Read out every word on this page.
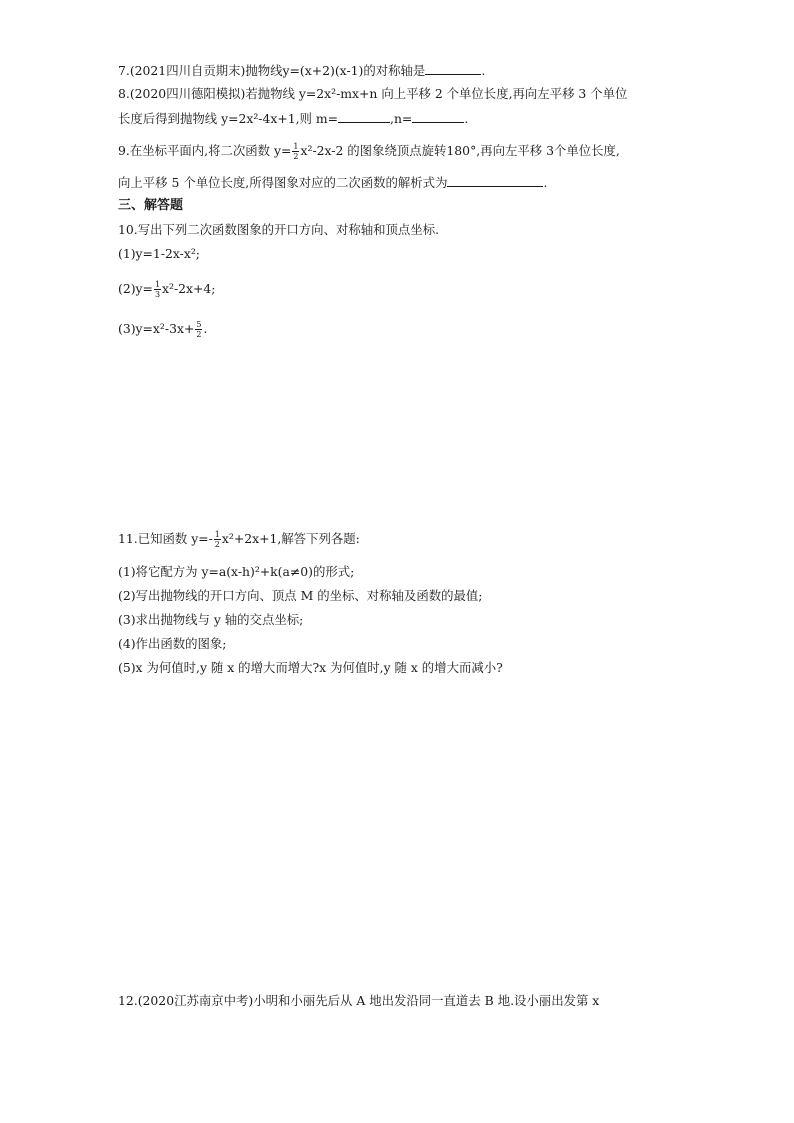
7.(2021四川自贡期末)抛物线y=(x+2)(x-1)的对称轴是	.
8.(2020四川德阳模拟)若抛物线 y=2x²-mx+n 向上平移 2 个单位长度,再向左平移 3 个单位
长度后得到抛物线 y=2x²-4x+1,则 m=	,n=	.
9.在坐标平面内,将二次函数 $y= \frac{1}{2} x^2-2x-2$ 的图象绕顶点旋转180°,再向左平移 3个单位长度,
向上平移 5 个单位长度,所得图象对应的二次函数的解析式为	.
三、解答题
10.写出下列二次函数图象的开口方向、对称轴和顶点坐标.
(1)y=1-2x-x²;
$(2)y= \frac{1}{3} x^2-2x+4$;
$(3)y=x^2-3x+ \frac{5}{2}$ .
11.已知函数 $y=- \frac{1}{2} x^2+2x+1$,解答下列各题:
(1)将它配方为 y=a(x-h)²+k(a≠0)的形式;
(2)写出抛物线的开口方向、顶点 M 的坐标、对称轴及函数的最值;
(3)求出抛物线与 y 轴的交点坐标;
(4)作出函数的图象;
(5)x 为何值时,y 随 x 的增大而增大?x 为何值时,y 随 x 的增大而减小?
12.(2020江苏南京中考)小明和小丽先后从 A 地出发沿同一直道去 B 地.设小丽出发第 x
